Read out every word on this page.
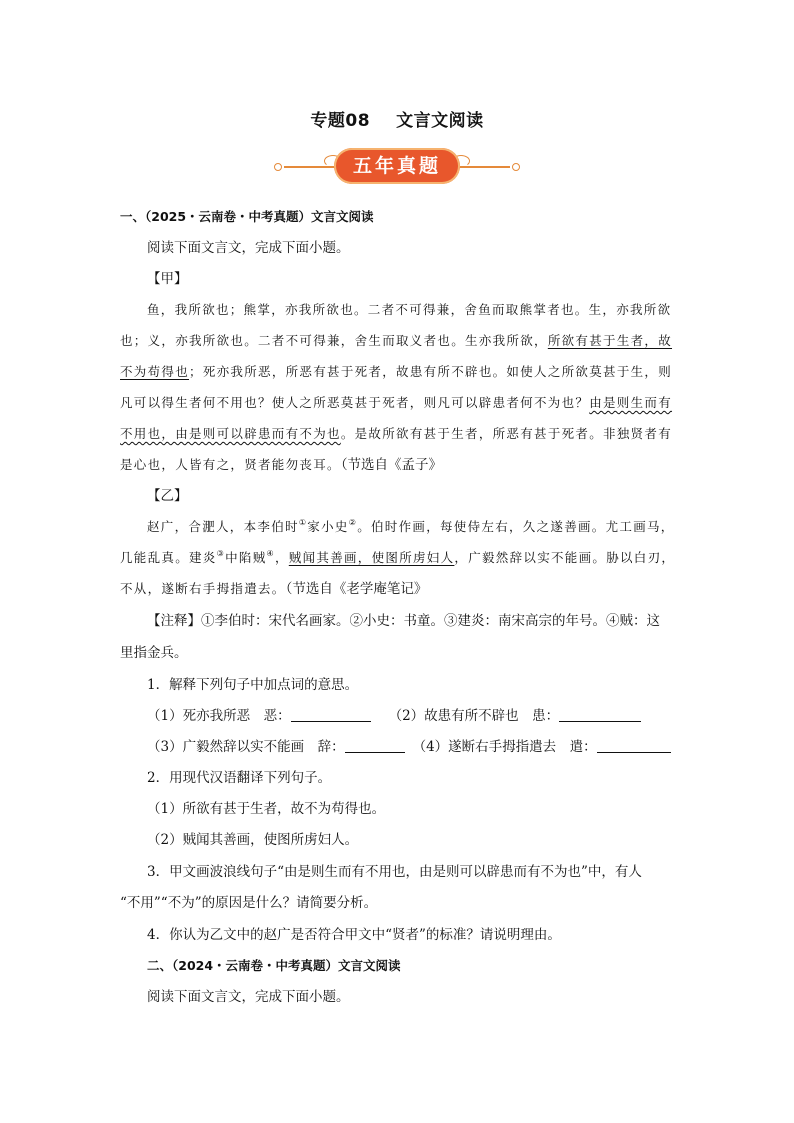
专题08 文言文阅读
五年真题
一、（2025・云南卷・中考真题）文言文阅读
阅读下面文言文，完成下面小题。
【甲】
鱼，我所欲也；熊掌，亦我所欲也。二者不可得兼，舍鱼而取熊掌者也。生，亦我所欲
也；义，亦我所欲也。二者不可得兼，舍生而取义者也。生亦我所欲，所欲有甚于生者，故
不为苟得也；死亦我所恶，所恶有甚于死者，故患有所不辟也。如使人之所欲莫甚于生，则
凡可以得生者何不用也？使人之所恶莫甚于死者，则凡可以辟患者何不为也？由是则生而有
不用也，由是则可以辟患而有不为也。是故所欲有甚于生者，所恶有甚于死者。非独贤者有
是心也，人皆有之，贤者能勿丧耳。（节选自《孟子》
【乙】
赵广，合淝人，本李伯时①家小史②。伯时作画，每使侍左右，久之遂善画。尤工画马，
几能乱真。建炎③中陷贼④，贼闻其善画，使图所虏妇人，广毅然辞以实不能画。胁以白刃，
不从，遂断右手拇指遣去。（节选自《老学庵笔记》
【注释】①李伯时：宋代名画家。②小史：书童。③建炎：南宋高宗的年号。④贼：这
里指金兵。
1．解释下列句子中加点词的意思。
（1）死亦我所恶　恶：	（2）故患有所不辟也　患：
（3）广毅然辞以实不能画　辞：	（4）遂断右手拇指遣去　遣：
2．用现代汉语翻译下列句子。
（1）所欲有甚于生者，故不为苟得也。
（2）贼闻其善画，使图所虏妇人。
3．甲文画波浪线句子“由是则生而有不用也，由是则可以辟患而有不为也”中，有人
“不用”“不为”的原因是什么？请简要分析。
4．你认为乙文中的赵广是否符合甲文中“贤者”的标准？请说明理由。
二、（2024・云南卷・中考真题）文言文阅读
阅读下面文言文，完成下面小题。
